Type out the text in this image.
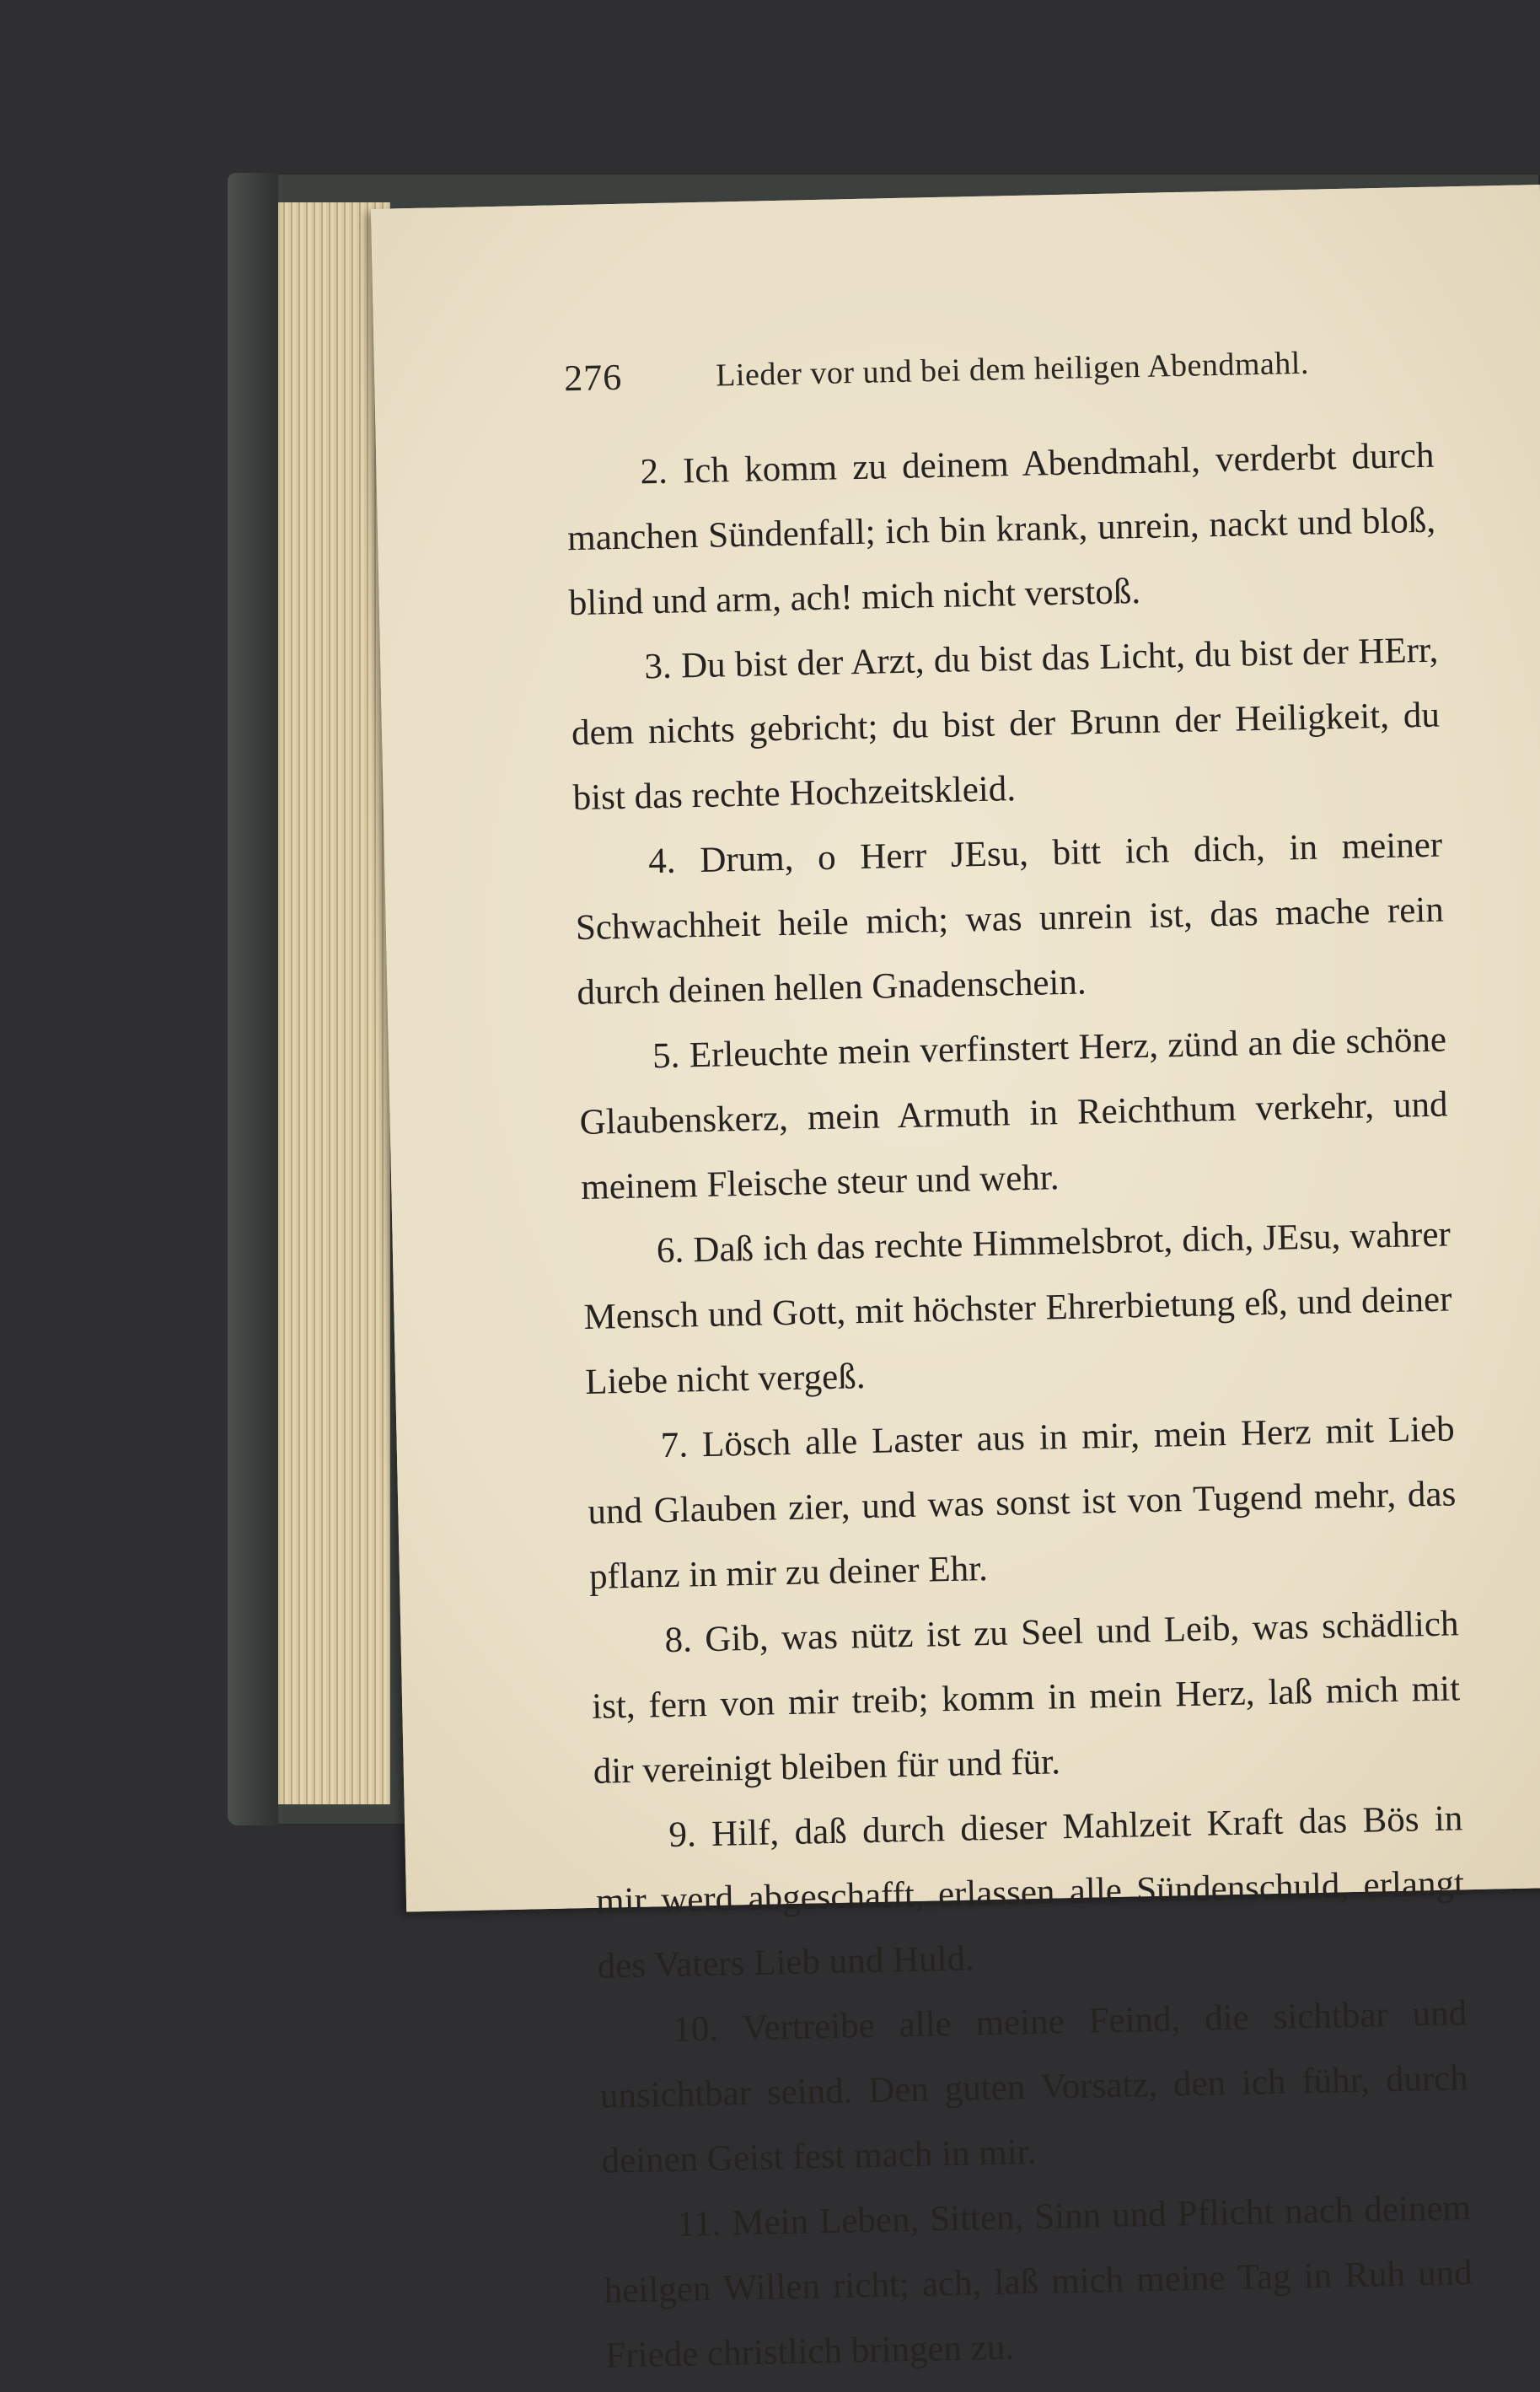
276	Lieder vor und bei dem heiligen Abendmahl.

2. Ich komm zu deinem Abendmahl, verderbt durch manchen Sündenfall; ich bin krank, unrein, nackt und bloß, blind und arm, ach! mich nicht verstoß.

3. Du bist der Arzt, du bist das Licht, du bist der HErr, dem nichts gebricht; du bist der Brunn der Heiligkeit, du bist das rechte Hochzeitskleid.

4. Drum, o Herr JEsu, bitt ich dich, in meiner Schwachheit heile mich; was unrein ist, das mache rein durch deinen hellen Gnadenschein.

5. Erleuchte mein verfinstert Herz, zünd an die schöne Glaubenskerz, mein Armuth in Reichthum verkehr, und meinem Fleische steur und wehr.

6. Daß ich das rechte Himmelsbrot, dich, JEsu, wahrer Mensch und Gott, mit höchster Ehrerbietung eß, und deiner Liebe nicht vergeß.

7. Lösch alle Laster aus in mir, mein Herz mit Lieb und Glauben zier, und was sonst ist von Tugend mehr, das pflanz in mir zu deiner Ehr.

8. Gib, was nütz ist zu Seel und Leib, was schädlich ist, fern von mir treib; komm in mein Herz, laß mich mit dir vereinigt bleiben für und für.

9. Hilf, daß durch dieser Mahlzeit Kraft das Bös in mir werd abgeschafft, erlassen alle Sündenschuld, erlangt des Vaters Lieb und Huld.

10. Vertreibe alle meine Feind, die sichtbar und unsichtbar seind. Den guten Vorsatz, den ich führ, durch deinen Geist fest mach in mir.

11. Mein Leben, Sitten, Sinn und Pflicht nach deinem heilgen Willen richt; ach, laß mich meine Tag in Ruh und Friede christlich bringen zu.
